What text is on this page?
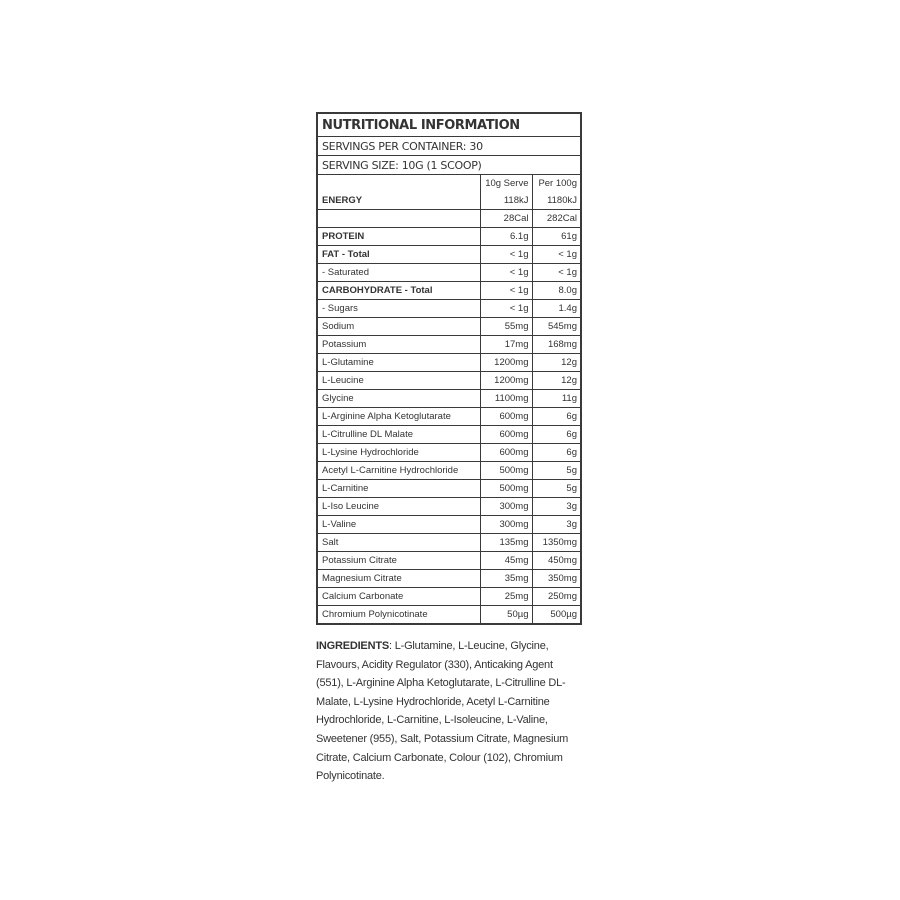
NUTRITIONAL INFORMATION
SERVINGS PER CONTAINER: 30
SERVING SIZE: 10G (1 SCOOP)
	10g Serve	Per 100g
ENERGY	118kJ	1180kJ
	28Cal	282Cal
PROTEIN	6.1g	61g
FAT - Total	< 1g	< 1g
- Saturated	< 1g	< 1g
CARBOHYDRATE - Total	< 1g	8.0g
- Sugars	< 1g	1.4g
Sodium	55mg	545mg
Potassium	17mg	168mg
L-Glutamine	1200mg	12g
L-Leucine	1200mg	12g
Glycine	1100mg	11g
L-Arginine Alpha Ketoglutarate	600mg	6g
L-Citrulline DL Malate	600mg	6g
L-Lysine Hydrochloride	600mg	6g
Acetyl L-Carnitine Hydrochloride	500mg	5g
L-Carnitine	500mg	5g
L-Iso Leucine	300mg	3g
L-Valine	300mg	3g
Salt	135mg	1350mg
Potassium Citrate	45mg	450mg
Magnesium Citrate	35mg	350mg
Calcium Carbonate	25mg	250mg
Chromium Polynicotinate	50µg	500µg
INGREDIENTS: L-Glutamine, L-Leucine, Glycine, Flavours, Acidity Regulator (330), Anticaking Agent (551), L-Arginine Alpha Ketoglutarate, L-Citrulline DL-Malate, L-Lysine Hydrochloride, Acetyl L-Carnitine Hydrochloride, L-Carnitine, L-Isoleucine, L-Valine, Sweetener (955), Salt, Potassium Citrate, Magnesium Citrate, Calcium Carbonate, Colour (102), Chromium Polynicotinate.
